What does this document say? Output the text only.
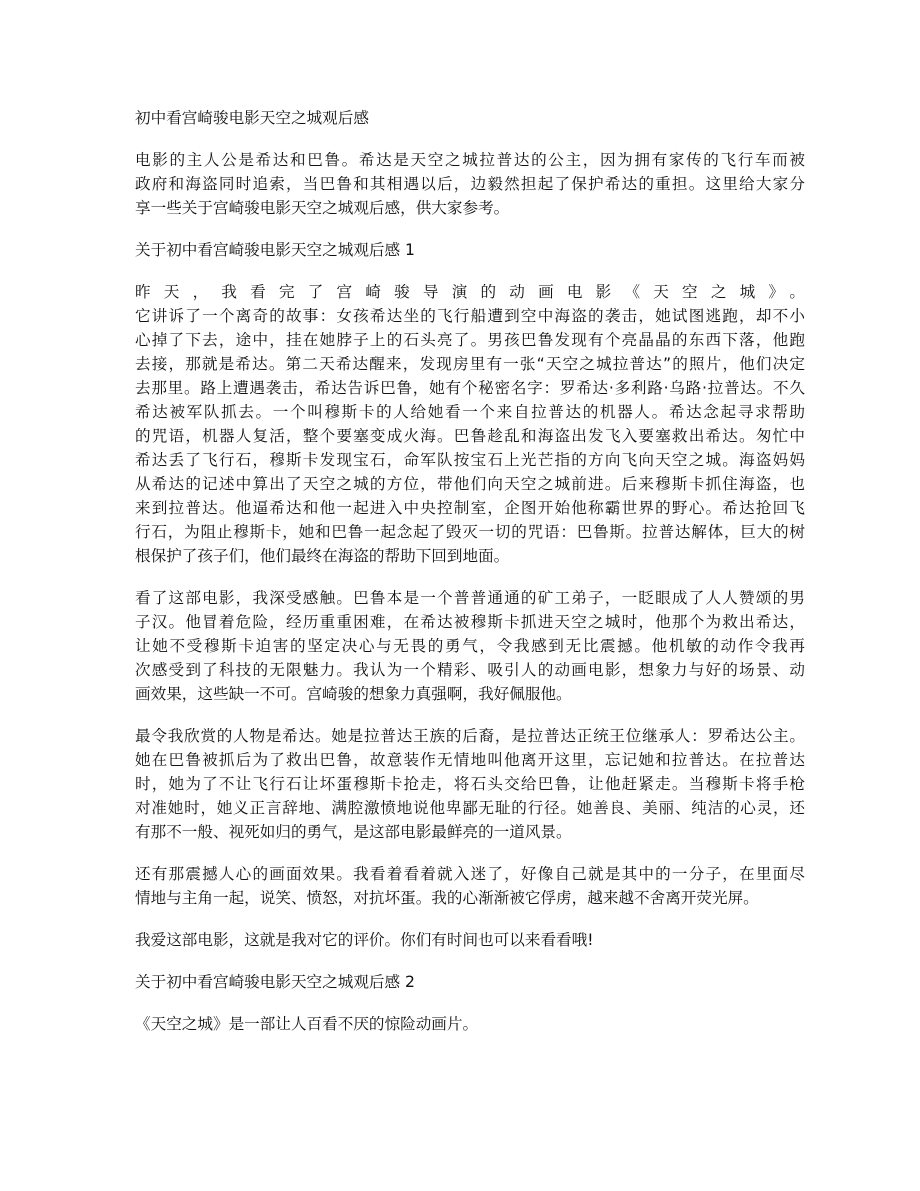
初中看宫崎骏电影天空之城观后感
电影的主人公是希达和巴鲁。希达是天空之城拉普达的公主，因为拥有家传的飞行车而被
政府和海盗同时追索，当巴鲁和其相遇以后，边毅然担起了保护希达的重担。这里给大家分
享一些关于宫崎骏电影天空之城观后感，供大家参考。
关于初中看宫崎骏电影天空之城观后感 1
昨天，我看完了宫崎骏导演的动画电影《天空之城》。
它讲诉了一个离奇的故事：女孩希达坐的飞行船遭到空中海盗的袭击，她试图逃跑，却不小
心掉了下去，途中，挂在她脖子上的石头亮了。男孩巴鲁发现有个亮晶晶的东西下落，他跑
去接，那就是希达。第二天希达醒来，发现房里有一张“天空之城拉普达”的照片，他们决定
去那里。路上遭遇袭击，希达告诉巴鲁，她有个秘密名字：罗希达·多利路·乌路·拉普达。不久
希达被军队抓去。一个叫穆斯卡的人给她看一个来自拉普达的机器人。希达念起寻求帮助
的咒语，机器人复活，整个要塞变成火海。巴鲁趁乱和海盗出发飞入要塞救出希达。匆忙中
希达丢了飞行石，穆斯卡发现宝石，命军队按宝石上光芒指的方向飞向天空之城。海盗妈妈
从希达的记述中算出了天空之城的方位，带他们向天空之城前进。后来穆斯卡抓住海盗，也
来到拉普达。他逼希达和他一起进入中央控制室，企图开始他称霸世界的野心。希达抢回飞
行石，为阻止穆斯卡，她和巴鲁一起念起了毁灭一切的咒语：巴鲁斯。拉普达解体，巨大的树
根保护了孩子们，他们最终在海盗的帮助下回到地面。
看了这部电影，我深受感触。巴鲁本是一个普普通通的矿工弟子，一眨眼成了人人赞颂的男
子汉。他冒着危险，经历重重困难，在希达被穆斯卡抓进天空之城时，他那个为救出希达，
让她不受穆斯卡迫害的坚定决心与无畏的勇气，令我感到无比震撼。他机敏的动作令我再
次感受到了科技的无限魅力。我认为一个精彩、吸引人的动画电影，想象力与好的场景、动
画效果，这些缺一不可。宫崎骏的想象力真强啊，我好佩服他。
最令我欣赏的人物是希达。她是拉普达王族的后裔，是拉普达正统王位继承人：罗希达公主。
她在巴鲁被抓后为了救出巴鲁，故意装作无情地叫他离开这里，忘记她和拉普达。在拉普达
时，她为了不让飞行石让坏蛋穆斯卡抢走，将石头交给巴鲁，让他赶紧走。当穆斯卡将手枪
对准她时，她义正言辞地、满腔激愤地说他卑鄙无耻的行径。她善良、美丽、纯洁的心灵，还
有那不一般、视死如归的勇气，是这部电影最鲜亮的一道风景。
还有那震撼人心的画面效果。我看着看着就入迷了，好像自己就是其中的一分子，在里面尽
情地与主角一起，说笑、愤怒，对抗坏蛋。我的心渐渐被它俘虏，越来越不舍离开荧光屏。
我爱这部电影，这就是我对它的评价。你们有时间也可以来看看哦!
关于初中看宫崎骏电影天空之城观后感 2
《天空之城》是一部让人百看不厌的惊险动画片。
